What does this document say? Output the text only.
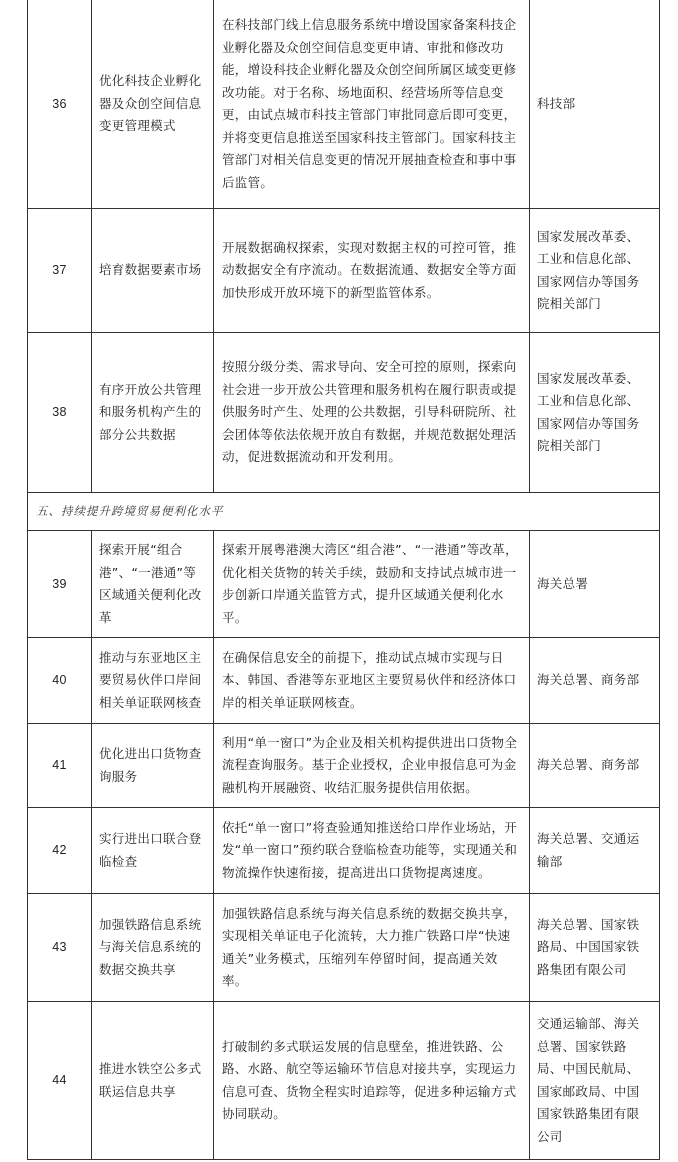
36	优化科技企业孵化器及众创空间信息变更管理模式	在科技部门线上信息服务系统中增设国家备案科技企业孵化器及众创空间信息变更申请、审批和修改功能，增设科技企业孵化器及众创空间所属区域变更修改功能。对于名称、场地面积、经营场所等信息变更，由试点城市科技主管部门审批同意后即可变更，并将变更信息推送至国家科技主管部门。国家科技主管部门对相关信息变更的情况开展抽查检查和事中事后监管。	科技部
37	培育数据要素市场	开展数据确权探索，实现对数据主权的可控可管，推动数据安全有序流动。在数据流通、数据安全等方面加快形成开放环境下的新型监管体系。	国家发展改革委、工业和信息化部、国家网信办等国务院相关部门
38	有序开放公共管理和服务机构产生的部分公共数据	按照分级分类、需求导向、安全可控的原则，探索向社会进一步开放公共管理和服务机构在履行职责或提供服务时产生、处理的公共数据，引导科研院所、社会团体等依法依规开放自有数据，并规范数据处理活动，促进数据流动和开发利用。	国家发展改革委、工业和信息化部、国家网信办等国务院相关部门
五、持续提升跨境贸易便利化水平			
39	探索开展“组合港”、“一港通”等区域通关便利化改革	探索开展粤港澳大湾区“组合港”、“一港通”等改革，优化相关货物的转关手续，鼓励和支持试点城市进一步创新口岸通关监管方式，提升区域通关便利化水平。	海关总署
40	推动与东亚地区主要贸易伙伴口岸间相关单证联网核查	在确保信息安全的前提下，推动试点城市实现与日本、韩国、香港等东亚地区主要贸易伙伴和经济体口岸的相关单证联网核查。	海关总署、商务部
41	优化进出口货物查询服务	利用“单一窗口”为企业及相关机构提供进出口货物全流程查询服务。基于企业授权，企业申报信息可为金融机构开展融资、收结汇服务提供信用依据。	海关总署、商务部
42	实行进出口联合登临检查	依托“单一窗口”将查验通知推送给口岸作业场站，开发“单一窗口”预约联合登临检查功能等，实现通关和物流操作快速衔接，提高进出口货物提离速度。	海关总署、交通运输部
43	加强铁路信息系统与海关信息系统的数据交换共享	加强铁路信息系统与海关信息系统的数据交换共享，实现相关单证电子化流转，大力推广铁路口岸“快速通关”业务模式，压缩列车停留时间，提高通关效率。	海关总署、国家铁路局、中国国家铁路集团有限公司
44	推进水铁空公多式联运信息共享	打破制约多式联运发展的信息壁垒，推进铁路、公路、水路、航空等运输环节信息对接共享，实现运力信息可查、货物全程实时追踪等，促进多种运输方式协同联动。	交通运输部、海关总署、国家铁路局、中国民航局、国家邮政局、中国国家铁路集团有限公司
